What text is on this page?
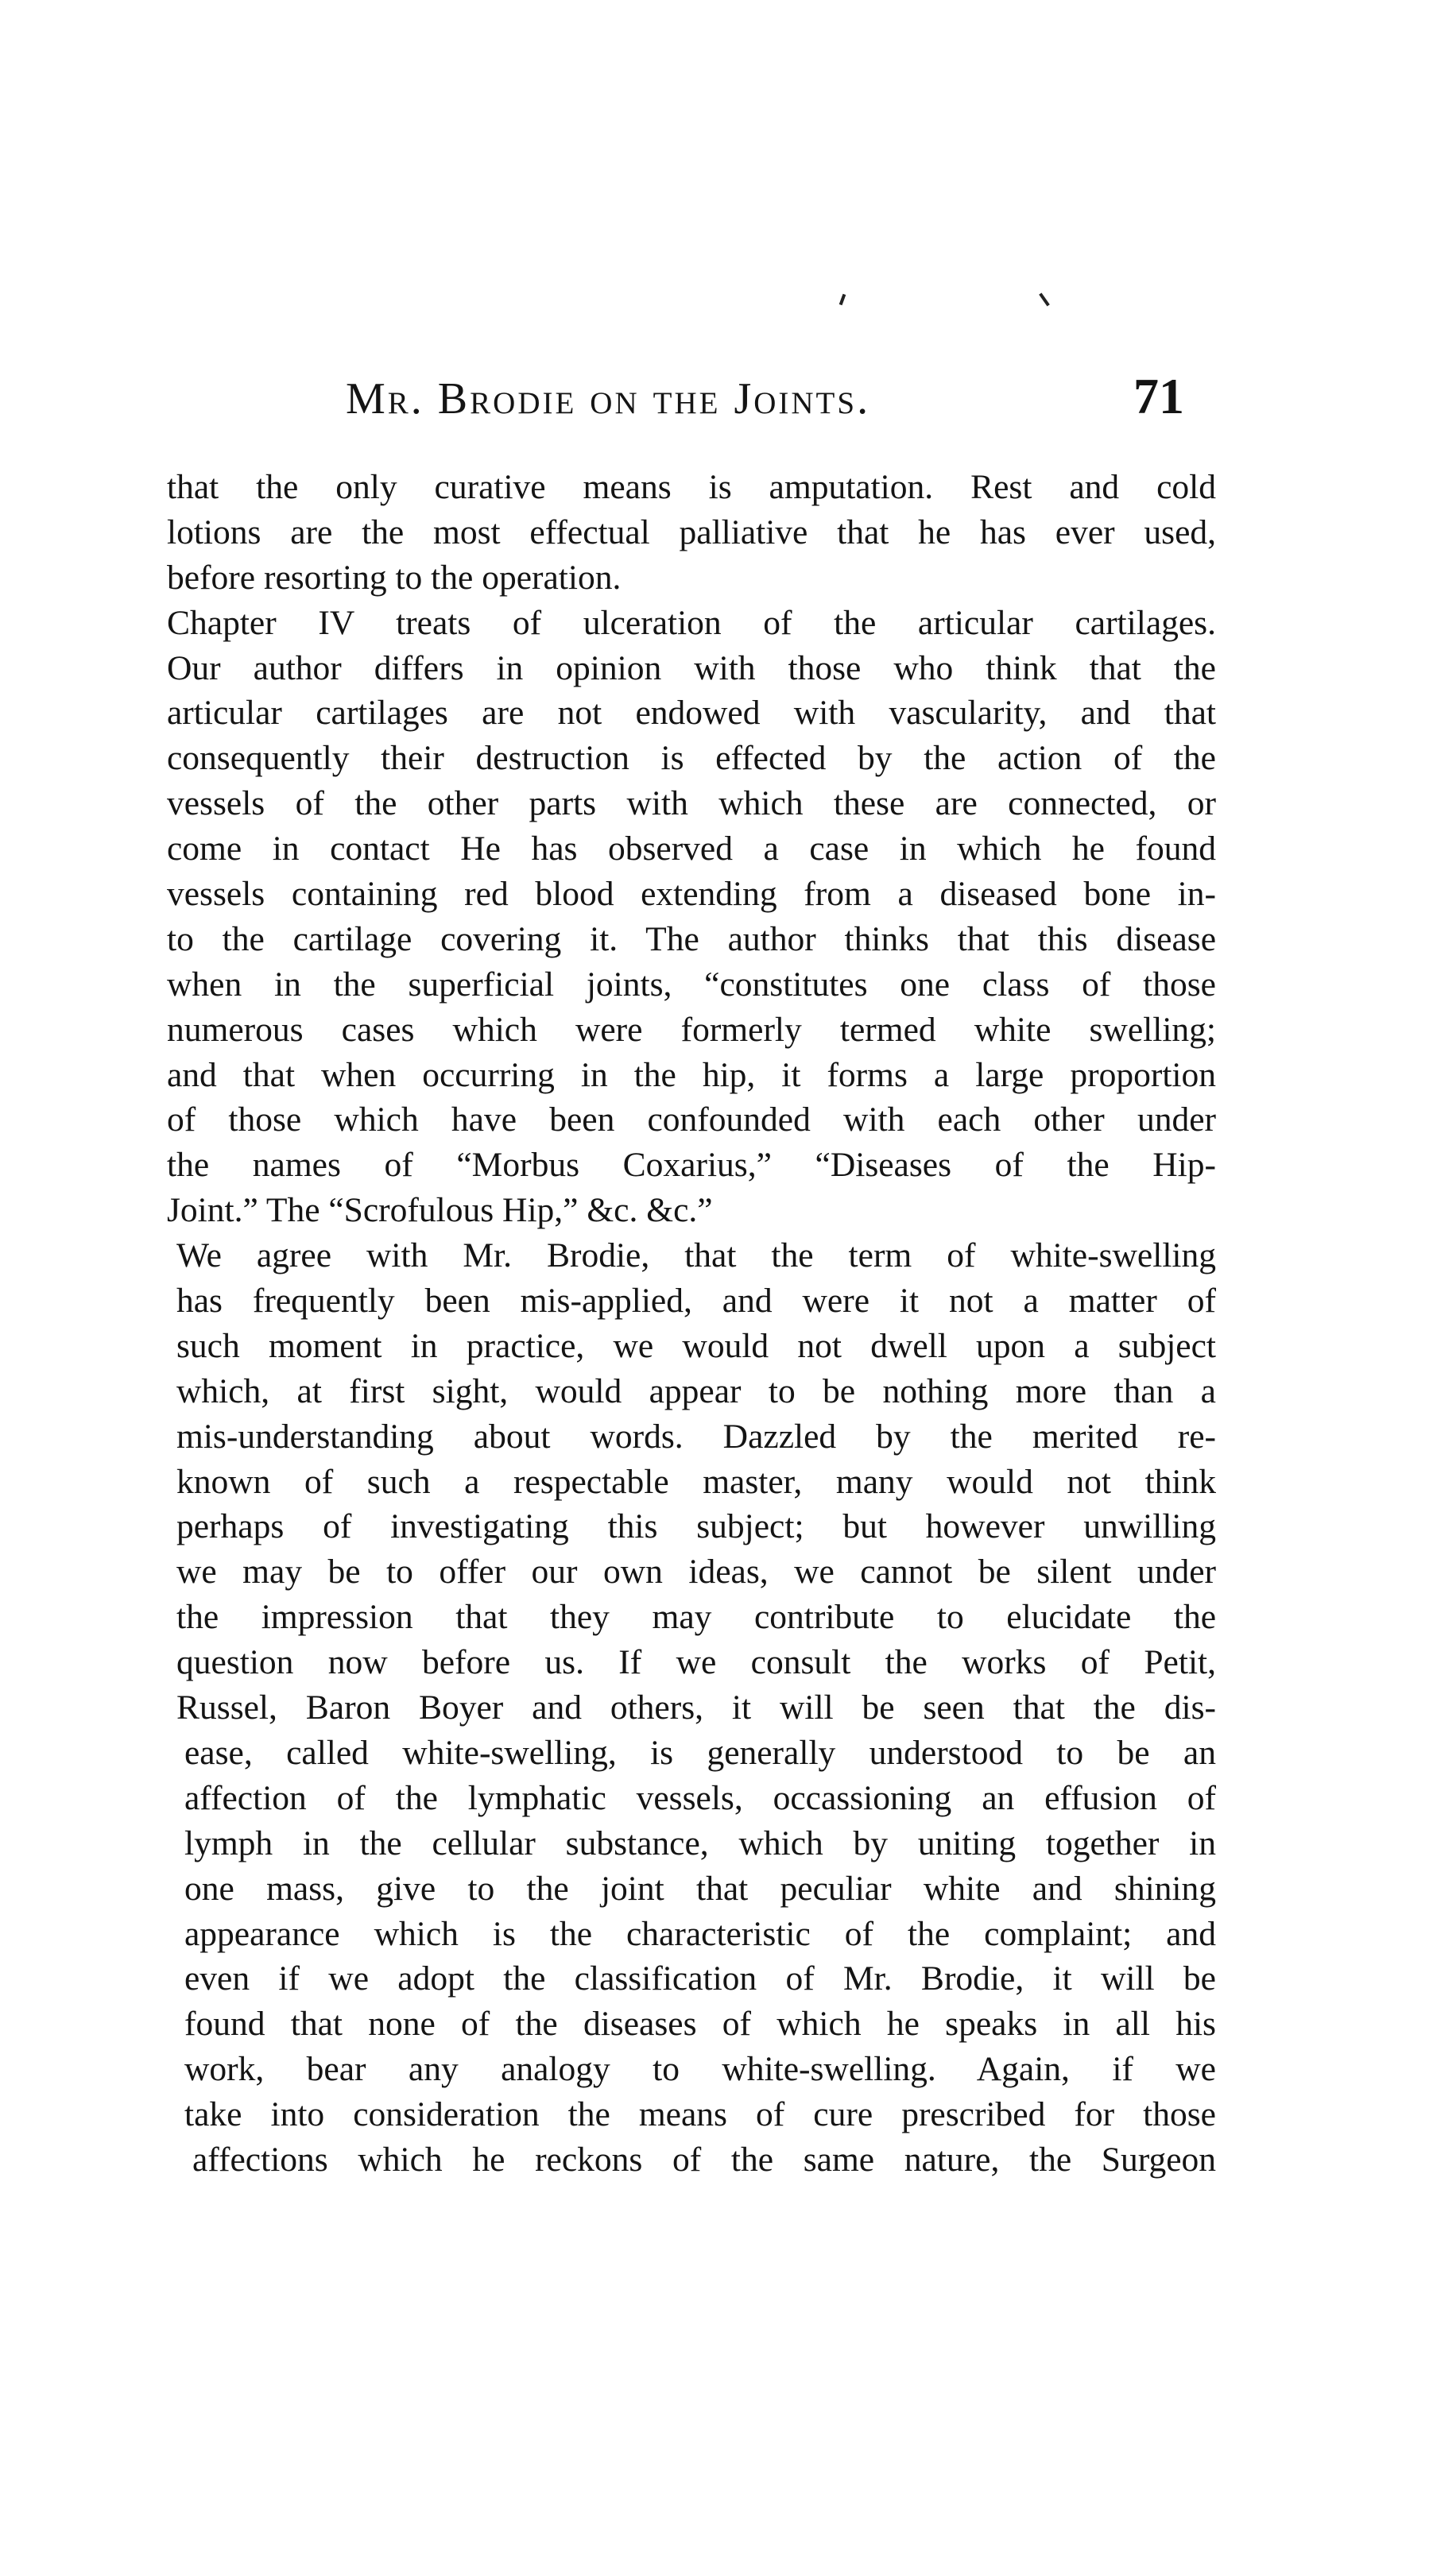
Mr. Brodie on the Joints.	71
that the only curative means is amputation. Rest and cold
lotions are the most effectual palliative that he has ever used,
before resorting to the operation.
Chapter IV treats of ulceration of the articular cartilages.
Our author differs in opinion with those who think that the
articular cartilages are not endowed with vascularity, and that
consequently their destruction is effected by the action of the
vessels of the other parts with which these are connected, or
come in contact He has observed a case in which he found
vessels containing red blood extending from a diseased bone in-
to the cartilage covering it. The author thinks that this disease
when in the superficial joints, “constitutes one class of those
numerous cases which were formerly termed white swelling;
and that when occurring in the hip, it forms a large proportion
of those which have been confounded with each other under
the names of “Morbus Coxarius,” “Diseases of the Hip-
Joint.” The “Scrofulous Hip,” &c. &c.”
We agree with Mr. Brodie, that the term of white-swelling
has frequently been mis-applied, and were it not a matter of
such moment in practice, we would not dwell upon a subject
which, at first sight, would appear to be nothing more than a
mis-understanding about words. Dazzled by the merited re-
known of such a respectable master, many would not think
perhaps of investigating this subject; but however unwilling
we may be to offer our own ideas, we cannot be silent under
the impression that they may contribute to elucidate the
question now before us. If we consult the works of Petit,
Russel, Baron Boyer and others, it will be seen that the dis-
ease, called white-swelling, is generally understood to be an
affection of the lymphatic vessels, occassioning an effusion of
lymph in the cellular substance, which by uniting together in
one mass, give to the joint that peculiar white and shining
appearance which is the characteristic of the complaint; and
even if we adopt the classification of Mr. Brodie, it will be
found that none of the diseases of which he speaks in all his
work, bear any analogy to white-swelling. Again, if we
take into consideration the means of cure prescribed for those
affections which he reckons of the same nature, the Surgeon
